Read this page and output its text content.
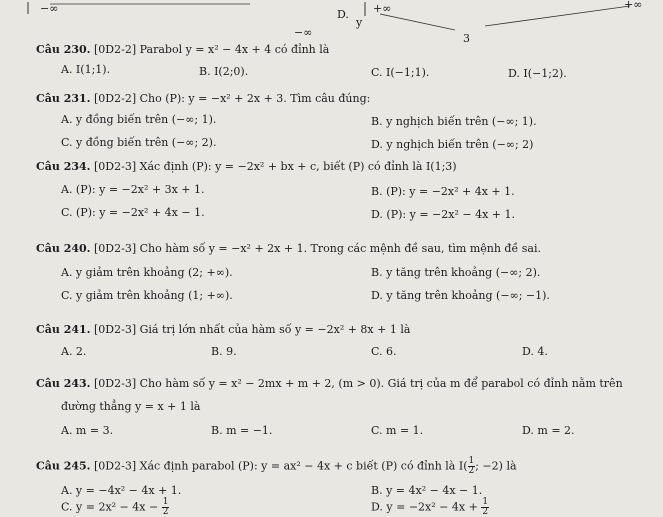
−∞	D.
y
+∞	+∞
−∞	3
Câu 230. [0D2-2] Parabol y = x² − 4x + 4 có đỉnh là
A. I(1;1).	B. I(2;0).	C. I(−1;1).	D. I(−1;2).
Câu 231. [0D2-2] Cho (P): y = −x² + 2x + 3. Tìm câu đúng:
A. y đồng biến trên (−∞; 1).	B. y nghịch biến trên (−∞; 1).
C. y đồng biến trên (−∞; 2).	D. y nghịch biến trên (−∞; 2)
Câu 234. [0D2-3] Xác định (P): y = −2x² + bx + c, biết (P) có đỉnh là I(1;3)
A. (P): y = −2x² + 3x + 1.	B. (P): y = −2x² + 4x + 1.
C. (P): y = −2x² + 4x − 1.	D. (P): y = −2x² − 4x + 1.
Câu 240. [0D2-3] Cho hàm số y = −x² + 2x + 1. Trong các mệnh đề sau, tìm mệnh đề sai.
A. y giảm trên khoảng (2; +∞).	B. y tăng trên khoảng (−∞; 2).
C. y giảm trên khoảng (1; +∞).	D. y tăng trên khoảng (−∞; −1).
Câu 241. [0D2-3] Giá trị lớn nhất của hàm số y = −2x² + 8x + 1 là
A. 2.	B. 9.	C. 6.	D. 4.
Câu 243. [0D2-3] Cho hàm số y = x² − 2mx + m + 2, (m > 0). Giá trị của m để parabol có đỉnh nằm trên
đường thẳng y = x + 1 là
A. m = 3.	B. m = −1.	C. m = 1.	D. m = 2.
Câu 245. [0D2-3] Xác định parabol (P): y = ax² − 4x + c biết (P) có đỉnh là $I( \frac{1}{2}$ ; −2) là
A. y = −4x² − 4x + 1.	B. y = 4x² − 4x − 1.
C. $y = 2x^2 - 4x - \frac{1}{2}$	D. $y = -2x^2 - 4x + \frac{1}{2}$
